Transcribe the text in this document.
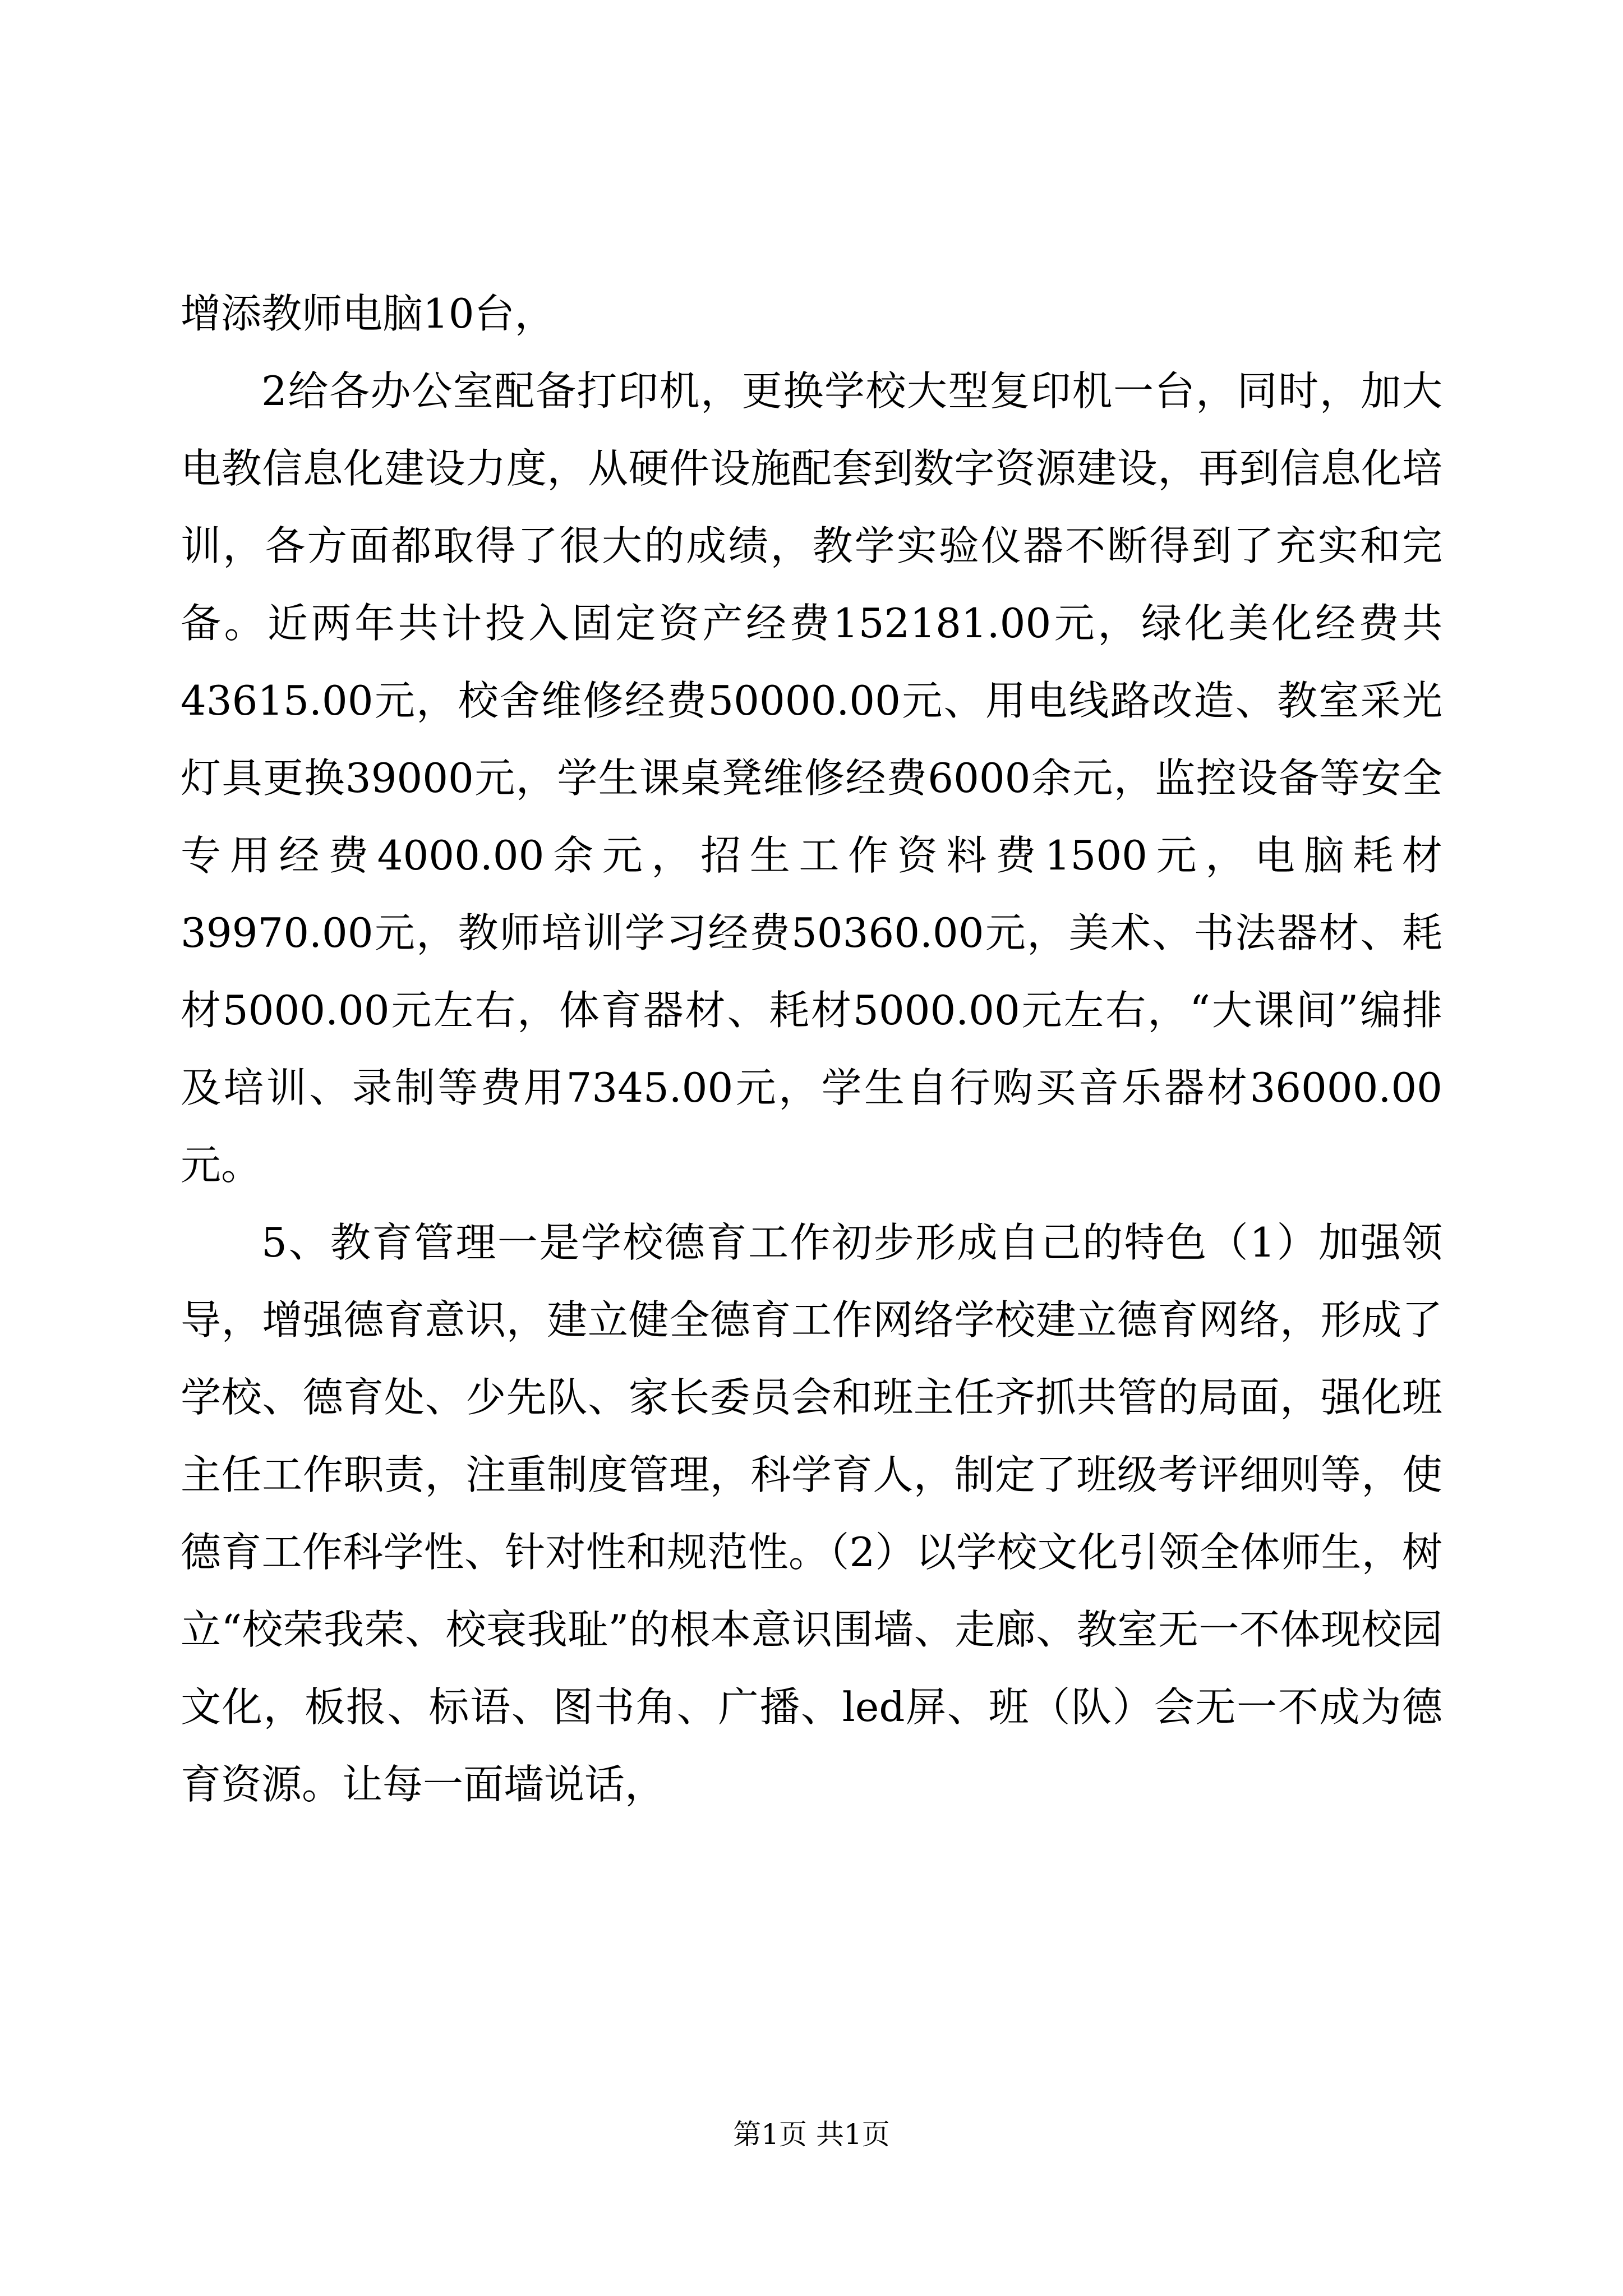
增添教师电脑10台，

2给各办公室配备打印机，更换学校大型复印机一台，同时，加大电教信息化建设力度，从硬件设施配套到数字资源建设，再到信息化培训，各方面都取得了很大的成绩，教学实验仪器不断得到了充实和完备。近两年共计投入固定资产经费152181.00元，绿化美化经费共43615.00元，校舍维修经费50000.00元、用电线路改造、教室采光灯具更换39000元，学生课桌凳维修经费6000余元，监控设备等安全专用经费4000.00余元，招生工作资料费1500元，电脑耗材39970.00元，教师培训学习经费50360.00元，美术、书法器材、耗材5000.00元左右，体育器材、耗材5000.00元左右，“大课间”编排及培训、录制等费用7345.00元，学生自行购买音乐器材36000.00元。

5、教育管理一是学校德育工作初步形成自己的特色（1）加强领导，增强德育意识，建立健全德育工作网络学校建立德育网络，形成了学校、德育处、少先队、家长委员会和班主任齐抓共管的局面，强化班主任工作职责，注重制度管理，科学育人，制定了班级考评细则等，使德育工作科学性、针对性和规范性。（2）以学校文化引领全体师生，树立“校荣我荣、校衰我耻”的根本意识围墙、走廊、教室无一不体现校园文化，板报、标语、图书角、广播、led屏、班（队）会无一不成为德育资源。让每一面墙说话，

第1页 共1页
